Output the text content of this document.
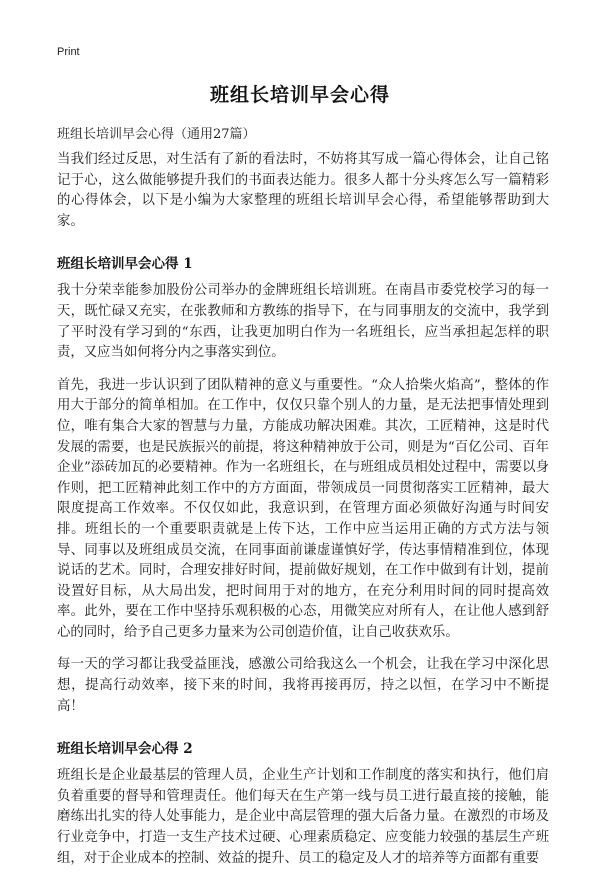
Print
班组长培训早会心得
班组长培训早会心得（通用27篇）

当我们经过反思，对生活有了新的看法时，不妨将其写成一篇心得体会，让自己铭记于心，这么做能够提升我们的书面表达能力。很多人都十分头疼怎么写一篇精彩的心得体会，以下是小编为大家整理的班组长培训早会心得，希望能够帮助到大家。

班组长培训早会心得 1

我十分荣幸能参加股份公司举办的金牌班组长培训班。在南昌市委党校学习的每一天，既忙碌又充实，在张教师和方教练的指导下，在与同事朋友的交流中，我学到了平时没有学习到的“东西，让我更加明白作为一名班组长，应当承担起怎样的职责，又应当如何将分内之事落实到位。

首先，我进一步认识到了团队精神的意义与重要性。“众人拾柴火焰高”，整体的作用大于部分的简单相加。在工作中，仅仅只靠个别人的力量，是无法把事情处理到位，唯有集合大家的智慧与力量，方能成功解决困难。其次，工匠精神，这是时代发展的需要，也是民族振兴的前提，将这种精神放于公司，则是为“百亿公司、百年企业”添砖加瓦的必要精神。作为一名班组长，在与班组成员相处过程中，需要以身作则，把工匠精神此刻工作中的方方面面，带领成员一同贯彻落实工匠精神，最大限度提高工作效率。不仅仅如此，我意识到，在管理方面必须做好沟通与时间安排。班组长的一个重要职责就是上传下达，工作中应当运用正确的方式方法与领导、同事以及班组成员交流，在同事面前谦虚谨慎好学，传达事情精准到位，体现说话的艺术。同时，合理安排好时间，提前做好规划，在工作中做到有计划，提前设置好目标，从大局出发，把时间用于对的地方，在充分利用时间的同时提高效率。此外，要在工作中坚持乐观积极的心态，用微笑应对所有人，在让他人感到舒心的同时，给予自己更多力量来为公司创造价值，让自己收获欢乐。

每一天的学习都让我受益匪浅，感激公司给我这么一个机会，让我在学习中深化思想，提高行动效率，接下来的时间，我将再接再厉，持之以恒，在学习中不断提高！

班组长培训早会心得 2

班组长是企业最基层的管理人员，企业生产计划和工作制度的落实和执行，他们肩负着重要的督导和管理责任。他们每天在生产第一线与员工进行最直接的接触，能磨练出扎实的待人处事能力，是企业中高层管理的强大后备力量。在激烈的市场及行业竞争中，打造一支生产技术过硬、心理素质稳定、应变能力较强的基层生产班组，对于企业成本的控制、效益的提升、员工的稳定及人才的培养等方面都有重要
